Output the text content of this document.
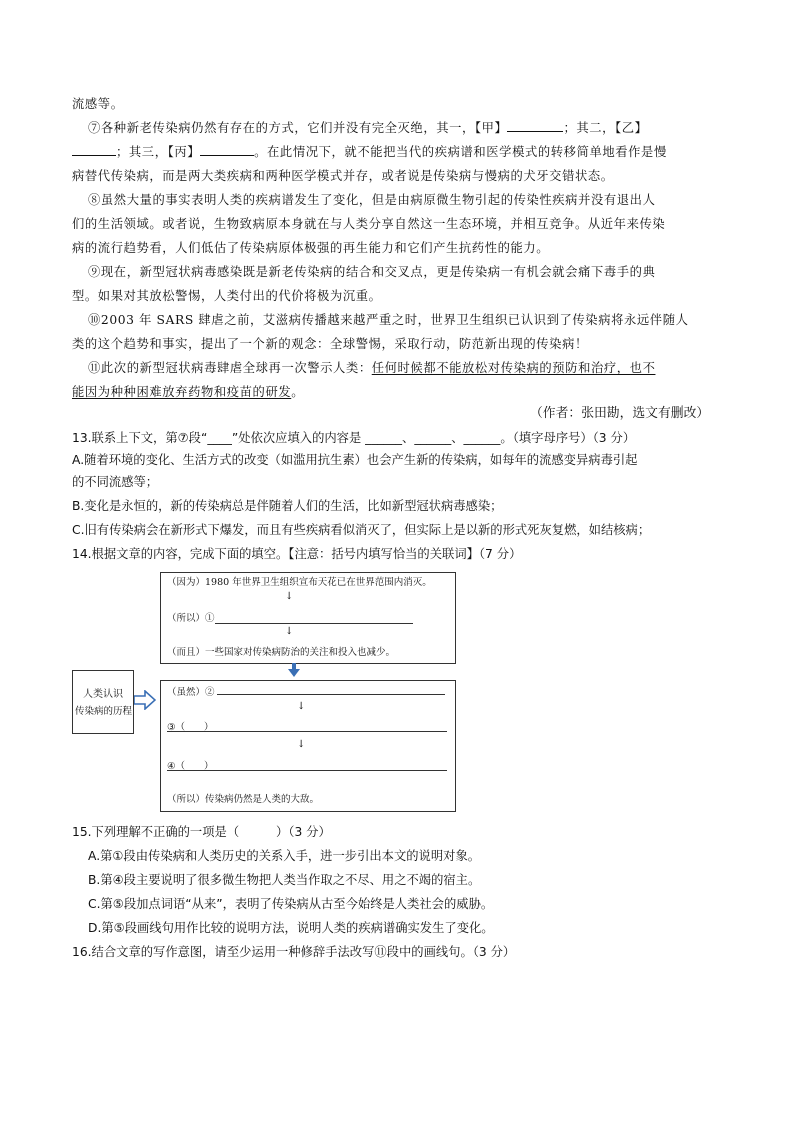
流感等。
⑦各种新老传染病仍然有存在的方式，它们并没有完全灭绝，其一，【甲】	；其二，【乙】
；其三，【丙】	。在此情况下，就不能把当代的疾病谱和医学模式的转移简单地看作是慢
病替代传染病，而是两大类疾病和两种医学模式并存，或者说是传染病与慢病的犬牙交错状态。
⑧虽然大量的事实表明人类的疾病谱发生了变化，但是由病原微生物引起的传染性疾病并没有退出人
们的生活领域。或者说，生物致病原本身就在与人类分享自然这一生态环境，并相互竞争。从近年来传染
病的流行趋势看，人们低估了传染病原体极强的再生能力和它们产生抗药性的能力。
⑨现在，新型冠状病毒感染既是新老传染病的结合和交叉点，更是传染病一有机会就会痛下毒手的典
型。如果对其放松警惕，人类付出的代价将极为沉重。
⑩2003 年 SARS 肆虐之前，艾滋病传播越来越严重之时，世界卫生组织已认识到了传染病将永远伴随人
类的这个趋势和事实，提出了一个新的观念：全球警惕，采取行动，防范新出现的传染病！
⑪此次的新型冠状病毒肆虐全球再一次警示人类：任何时候都不能放松对传染病的预防和治疗，也不
能因为种种困难放弃药物和疫苗的研发。
（作者：张田勘，选文有删改）
13.联系上下文，第⑦段“____”处依次应填入的内容是 ______、______、______。（填字母序号）（3 分）
A.随着环境的变化、生活方式的改变（如滥用抗生素）也会产生新的传染病，如每年的流感变异病毒引起
的不同流感等；
B.变化是永恒的，新的传染病总是伴随着人们的生活，比如新型冠状病毒感染；
C.旧有传染病会在新形式下爆发，而且有些疾病看似消灭了，但实际上是以新的形式死灰复燃，如结核病；
14.根据文章的内容，完成下面的填空。【注意：括号内填写恰当的关联词】（7 分）
人类认识
传染病的历程
（因为）1980 年世界卫生组织宣布天花已在世界范围内消灭。
↓
（所以）①
↓
（而且）一些国家对传染病防治的关注和投入也减少。
（虽然）②
↓
③（　　）
↓
④（　　）
（所以）传染病仍然是人类的大敌。
15.下列理解不正确的一项是（　　　）（3 分）
A.第①段由传染病和人类历史的关系入手，进一步引出本文的说明对象。
B.第④段主要说明了很多微生物把人类当作取之不尽、用之不竭的宿主。
C.第⑤段加点词语“从来”，表明了传染病从古至今始终是人类社会的威胁。
D.第⑤段画线句用作比较的说明方法，说明人类的疾病谱确实发生了变化。
16.结合文章的写作意图，请至少运用一种修辞手法改写⑪段中的画线句。（3 分）
